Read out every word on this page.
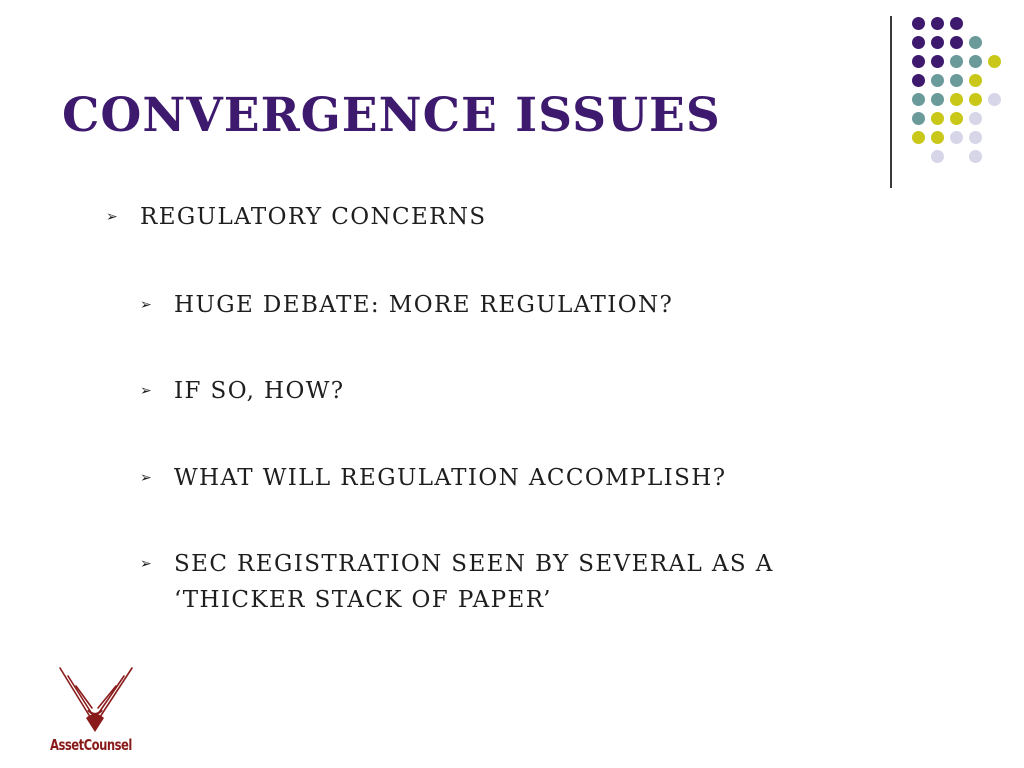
CONVERGENCE ISSUES
➢ REGULATORY CONCERNS
➢ HUGE DEBATE: MORE REGULATION?
➢ IF SO, HOW?
➢ WHAT WILL REGULATION ACCOMPLISH?
➢ SEC REGISTRATION SEEN BY SEVERAL AS A
‘THICKER STACK OF PAPER’
AssetCounsel
